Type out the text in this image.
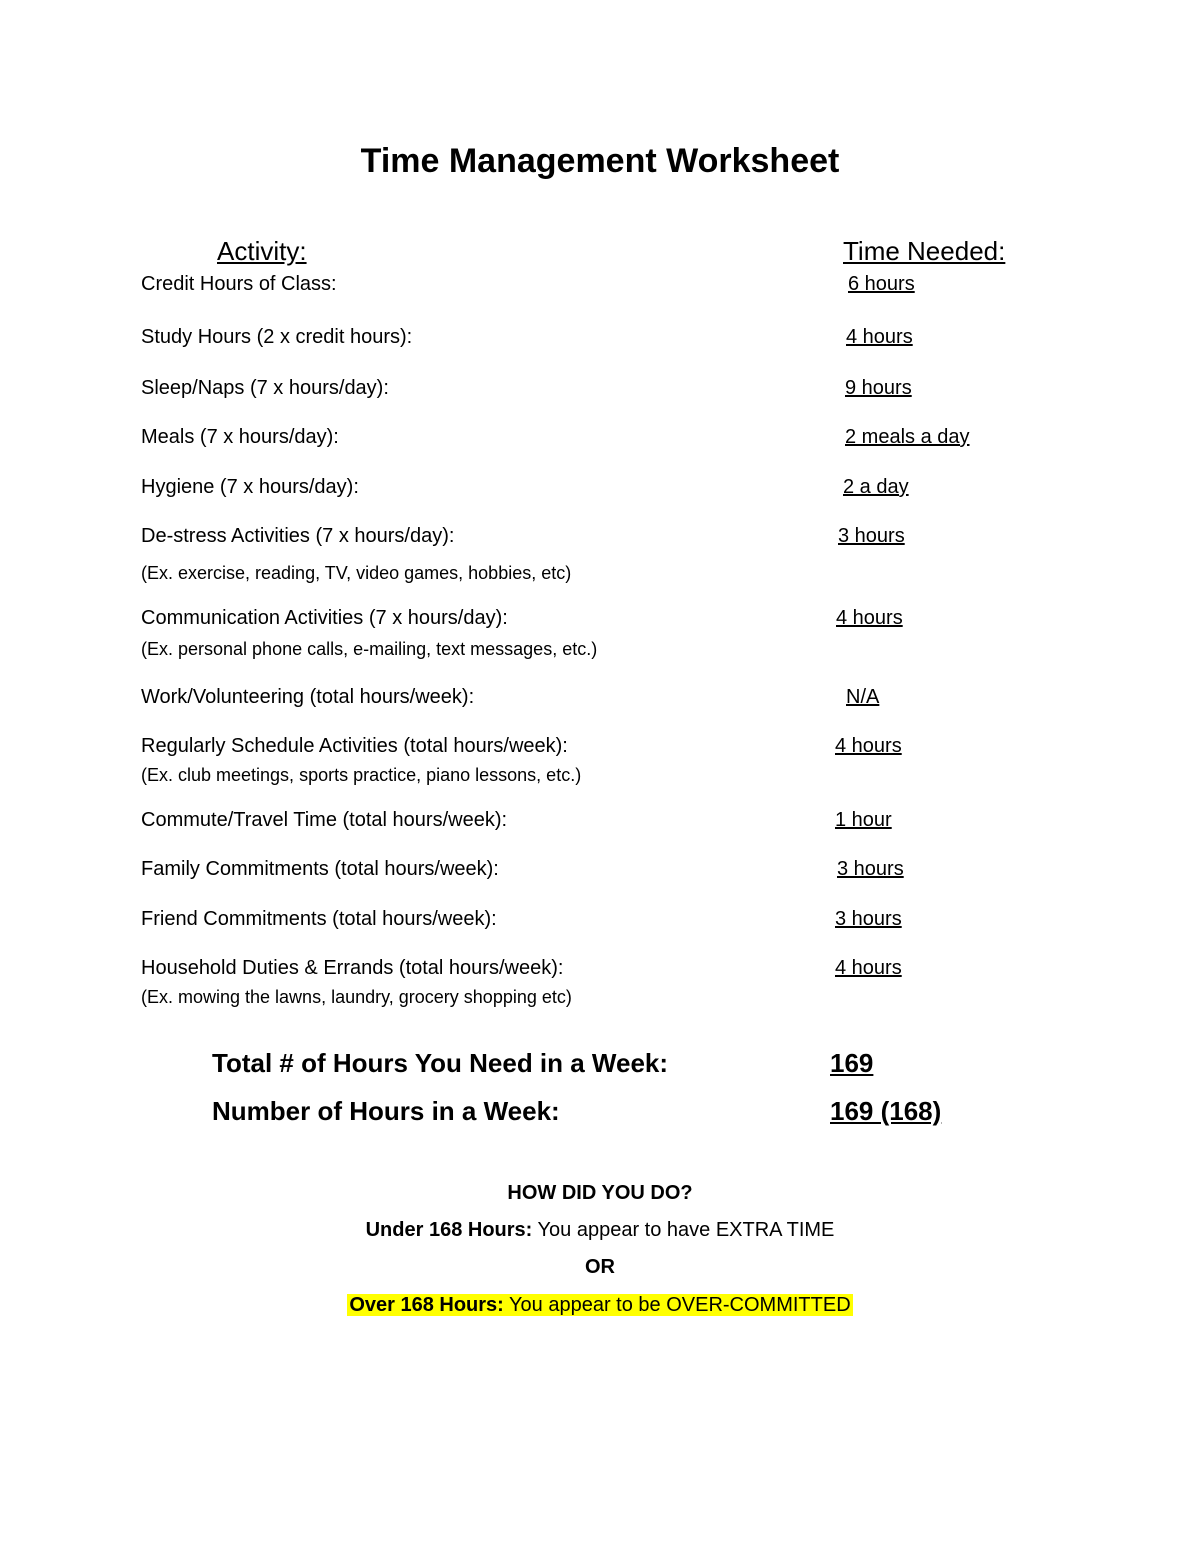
Time Management Worksheet
Activity:	Time Needed:
Credit Hours of Class:	6 hours
Study Hours (2 x credit hours):	4 hours
Sleep/Naps (7 x hours/day):	9 hours
Meals (7 x hours/day):	2 meals a day
Hygiene (7 x hours/day):	2 a day
De-stress Activities (7 x hours/day):	3 hours
(Ex. exercise, reading, TV, video games, hobbies, etc)
Communication Activities (7 x hours/day):	4 hours
(Ex. personal phone calls, e-mailing, text messages, etc.)
Work/Volunteering (total hours/week):	N/A
Regularly Schedule Activities (total hours/week):	4 hours
(Ex. club meetings, sports practice, piano lessons, etc.)
Commute/Travel Time (total hours/week):	1 hour
Family Commitments (total hours/week):	3 hours
Friend Commitments (total hours/week):	3 hours
Household Duties & Errands (total hours/week):	4 hours
(Ex. mowing the lawns, laundry, grocery shopping etc)
Total # of Hours You Need in a Week:	169
Number of Hours in a Week:	169 (168)
HOW DID YOU DO?
Under 168 Hours: You appear to have EXTRA TIME
OR
Over 168 Hours: You appear to be OVER-COMMITTED
